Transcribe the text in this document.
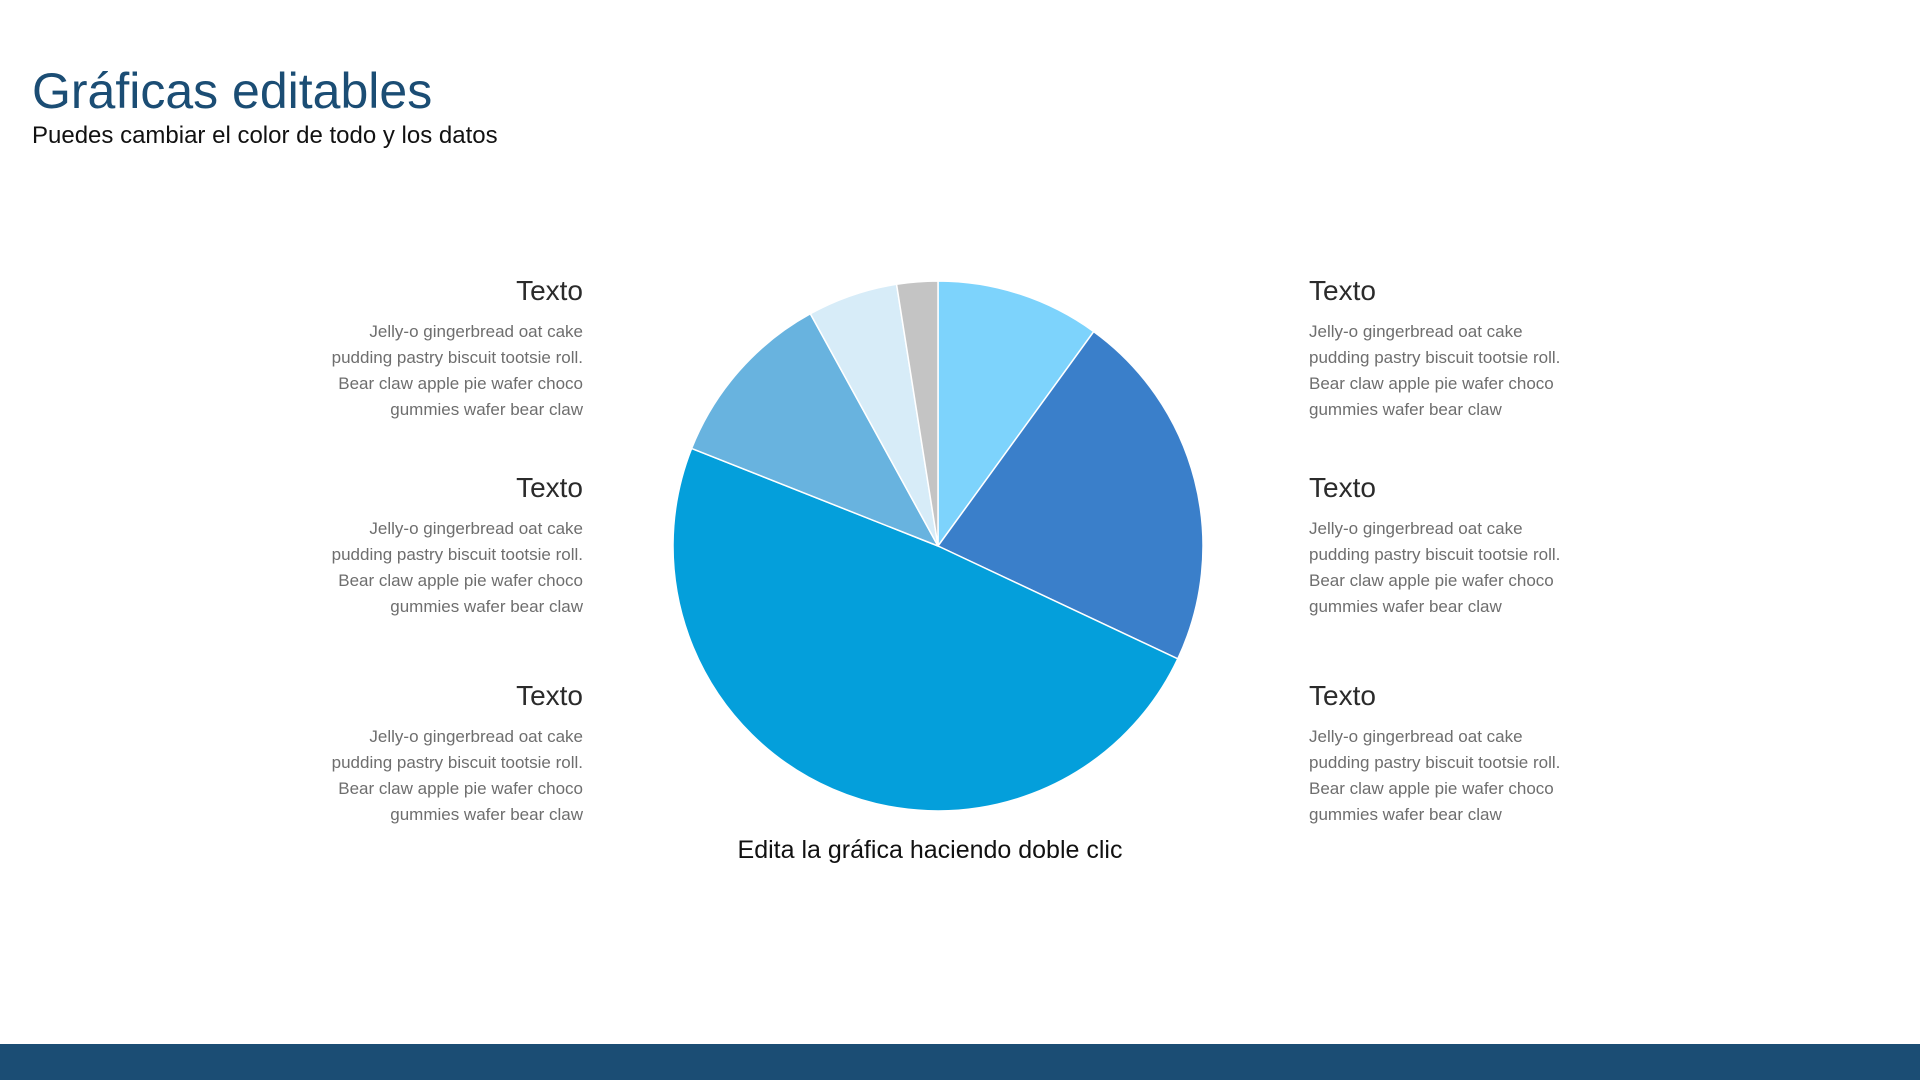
Gráficas editables
Puedes cambiar el color de todo y los datos
Texto
Jelly-o gingerbread oat cake
pudding pastry biscuit tootsie roll.
Bear claw apple pie wafer choco
gummies wafer bear claw
Texto
Jelly-o gingerbread oat cake
pudding pastry biscuit tootsie roll.
Bear claw apple pie wafer choco
gummies wafer bear claw
Texto
Jelly-o gingerbread oat cake
pudding pastry biscuit tootsie roll.
Bear claw apple pie wafer choco
gummies wafer bear claw
Texto
Jelly-o gingerbread oat cake
pudding pastry biscuit tootsie roll.
Bear claw apple pie wafer choco
gummies wafer bear claw
Texto
Jelly-o gingerbread oat cake
pudding pastry biscuit tootsie roll.
Bear claw apple pie wafer choco
gummies wafer bear claw
Texto
Jelly-o gingerbread oat cake
pudding pastry biscuit tootsie roll.
Bear claw apple pie wafer choco
gummies wafer bear claw
Edita la gráfica haciendo doble clic
